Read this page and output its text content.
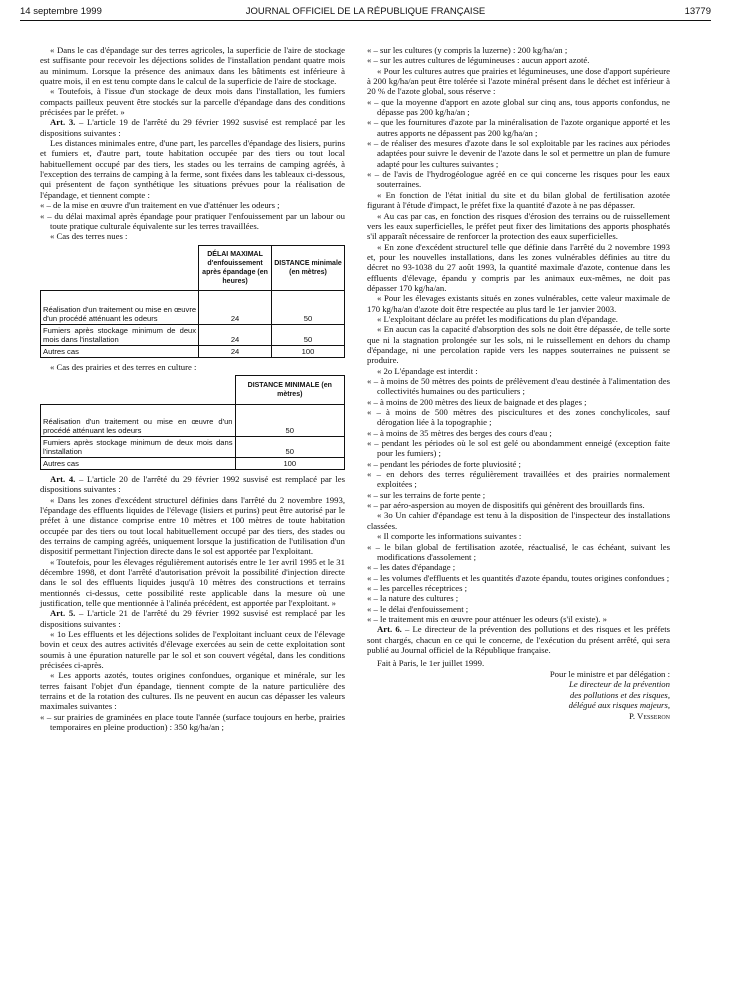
14 septembre 1999	JOURNAL OFFICIEL DE LA RÉPUBLIQUE FRANÇAISE	13779

« Dans le cas d'épandage sur des terres agricoles, la superficie de l'aire de stockage est suffisante pour recevoir les déjections solides de l'installation pendant quatre mois au minimum. Lorsque la présence des animaux dans les bâtiments est inférieure à quatre mois, il en est tenu compte dans le calcul de la superficie de l'aire de stockage.

« Toutefois, à l'issue d'un stockage de deux mois dans l'installation, les fumiers compacts pailleux peuvent être stockés sur la parcelle d'épandage dans des conditions précisées par le préfet. »

Art. 3. – L'article 19 de l'arrêté du 29 février 1992 susvisé est remplacé par les dispositions suivantes :

Les distances minimales entre, d'une part, les parcelles d'épandage des lisiers, purins et fumiers et, d'autre part, toute habitation occupée par des tiers ou tout local habituellement occupé par des tiers, les stades ou les terrains de camping agréés, à l'exception des terrains de camping à la ferme, sont fixées dans les tableaux ci-dessous, qui présentent de façon synthétique les situations prévues pour la réalisation de l'épandage, et tiennent compte :

« – de la mise en œuvre d'un traitement en vue d'atténuer les odeurs ;

« – du délai maximal après épandage pour pratiquer l'enfouissement par un labour ou toute pratique culturale équivalente sur les terres travaillées.

« Cas des terres nues :

	DÉLAI MAXIMAL d'enfouissement après épandage (en heures)	DISTANCE minimale (en mètres)
Réalisation d'un traitement ou mise en œuvre d'un procédé atténuant les odeurs	24	50
Fumiers après stockage minimum de deux mois dans l'installation	24	50
Autres cas	24	100

« Cas des prairies et des terres en culture :

	DISTANCE MINIMALE (en mètres)
Réalisation d'un traitement ou mise en œuvre d'un procédé atténuant les odeurs	50
Fumiers après stockage minimum de deux mois dans l'installation	50
Autres cas	100

Art. 4. – L'article 20 de l'arrêté du 29 février 1992 susvisé est remplacé par les dispositions suivantes :

« Dans les zones d'excédent structurel définies dans l'arrêté du 2 novembre 1993, l'épandage des effluents liquides de l'élevage (lisiers et purins) peut être autorisé par le préfet à une distance comprise entre 10 mètres et 100 mètres de toute habitation occupée par des tiers ou tout local habituellement occupé par des tiers, des stades ou des terrains de camping agréés, uniquement lorsque la justification de l'utilisation d'un dispositif permettant l'injection directe dans le sol est apportée par l'exploitant.

« Toutefois, pour les élevages régulièrement autorisés entre le 1er avril 1995 et le 31 décembre 1998, et dont l'arrêté d'autorisation prévoit la possibilité d'injection directe dans le sol des effluents liquides jusqu'à 10 mètres des constructions et terrains mentionnés ci-dessus, cette possibilité reste applicable dans la mesure où une justification, telle que mentionnée à l'alinéa précédent, est apportée par l'exploitant. »

Art. 5. – L'article 21 de l'arrêté du 29 février 1992 susvisé est remplacé par les dispositions suivantes :

« 1o Les effluents et les déjections solides de l'exploitant incluant ceux de l'élevage bovin et ceux des autres activités d'élevage exercées au sein de cette exploitation sont soumis à une épuration naturelle par le sol et son couvert végétal, dans les conditions précisées ci-après.

« Les apports azotés, toutes origines confondues, organique et minérale, sur les terres faisant l'objet d'un épandage, tiennent compte de la nature particulière des terrains et de la rotation des cultures. Ils ne peuvent en aucun cas dépasser les valeurs maximales suivantes :

« – sur prairies de graminées en place toute l'année (surface toujours en herbe, prairies temporaires en pleine production) : 350 kg/ha/an ;

« – sur les cultures (y compris la luzerne) : 200 kg/ha/an ;

« – sur les autres cultures de légumineuses : aucun apport azoté.

« Pour les cultures autres que prairies et légumineuses, une dose d'apport supérieure à 200 kg/ha/an peut être tolérée si l'azote minéral présent dans le déchet est inférieur à 20 % de l'azote global, sous réserve :

« – que la moyenne d'apport en azote global sur cinq ans, tous apports confondus, ne dépasse pas 200 kg/ha/an ;

« – que les fournitures d'azote par la minéralisation de l'azote organique apporté et les autres apports ne dépassent pas 200 kg/ha/an ;

« – de réaliser des mesures d'azote dans le sol exploitable par les racines aux périodes adaptées pour suivre le devenir de l'azote dans le sol et permettre un plan de fumure adapté pour les cultures suivantes ;

« – de l'avis de l'hydrogéologue agréé en ce qui concerne les risques pour les eaux souterraines.

« En fonction de l'état initial du site et du bilan global de fertilisation azotée figurant à l'étude d'impact, le préfet fixe la quantité d'azote à ne pas dépasser.

« Au cas par cas, en fonction des risques d'érosion des terrains ou de ruissellement vers les eaux superficielles, le préfet peut fixer des limitations des apports phosphatés s'il apparaît nécessaire de renforcer la protection des eaux superficielles.

« En zone d'excédent structurel telle que définie dans l'arrêté du 2 novembre 1993 et, pour les nouvelles installations, dans les zones vulnérables définies au titre du décret no 93-1038 du 27 août 1993, la quantité maximale d'azote, contenue dans les effluents d'élevage, épandu y compris par les animaux eux-mêmes, ne doit pas dépasser 170 kg/ha/an.

« Pour les élevages existants situés en zones vulnérables, cette valeur maximale de 170 kg/ha/an d'azote doit être respectée au plus tard le 1er janvier 2003.

« L'exploitant déclare au préfet les modifications du plan d'épandage.

« En aucun cas la capacité d'absorption des sols ne doit être dépassée, de telle sorte que ni la stagnation prolongée sur les sols, ni le ruissellement en dehors du champ d'épandage, ni une percolation rapide vers les nappes souterraines ne puissent se produire.

« 2o L'épandage est interdit :

« – à moins de 50 mètres des points de prélèvement d'eau destinée à l'alimentation des collectivités humaines ou des particuliers ;

« – à moins de 200 mètres des lieux de baignade et des plages ;

« – à moins de 500 mètres des piscicultures et des zones conchylicoles, sauf dérogation liée à la topographie ;

« – à moins de 35 mètres des berges des cours d'eau ;

« – pendant les périodes où le sol est gelé ou abondamment enneigé (exception faite pour les fumiers) ;

« – pendant les périodes de forte pluviosité ;

« – en dehors des terres régulièrement travaillées et des prairies normalement exploitées ;

« – sur les terrains de forte pente ;

« – par aéro-aspersion au moyen de dispositifs qui génèrent des brouillards fins.

« 3o Un cahier d'épandage est tenu à la disposition de l'inspecteur des installations classées.

« Il comporte les informations suivantes :

« – le bilan global de fertilisation azotée, réactualisé, le cas échéant, suivant les modifications d'assolement ;

« – les dates d'épandage ;

« – les volumes d'effluents et les quantités d'azote épandu, toutes origines confondues ;

« – les parcelles réceptrices ;

« – la nature des cultures ;

« – le délai d'enfouissement ;

« – le traitement mis en œuvre pour atténuer les odeurs (s'il existe). »

Art. 6. – Le directeur de la prévention des pollutions et des risques et les préfets sont chargés, chacun en ce qui le concerne, de l'exécution du présent arrêté, qui sera publié au Journal officiel de la République française.

Fait à Paris, le 1er juillet 1999.

Pour le ministre et par délégation :
Le directeur de la prévention
des pollutions et des risques,
délégué aux risques majeurs,
P. Vesseron
